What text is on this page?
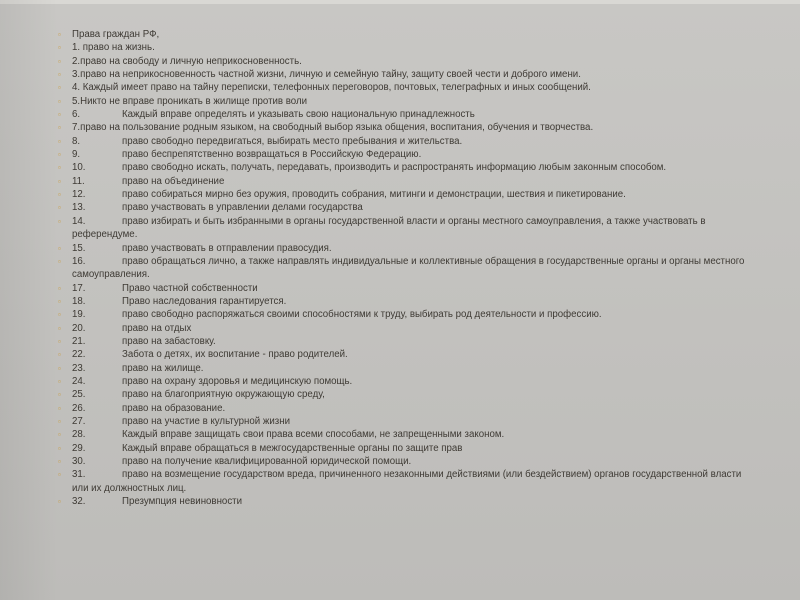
▫ Права граждан РФ,
▫ 1. право на жизнь.
▫ 2.право на свободу и личную неприкосновенность.
▫ 3.право на неприкосновенность частной жизни, личную и семейную тайну, защиту своей чести и доброго имени.
▫ 4. Каждый имеет право на тайну переписки, телефонных переговоров, почтовых, телеграфных и иных сообщений.
▫ 5.Никто не вправе проникать в жилище против воли
▫ 6.	Каждый вправе определять и указывать свою национальную принадлежность
▫ 7.право на пользование родным языком, на свободный выбор языка общения, воспитания, обучения и творчества.
▫ 8.	право свободно передвигаться, выбирать место пребывания и жительства.
▫ 9.	право беспрепятственно возвращаться в Российскую Федерацию.
▫ 10.	право свободно искать, получать, передавать, производить и распространять информацию любым законным способом.
▫ 11.	право на объединение
▫ 12.	право собираться мирно без оружия, проводить собрания, митинги и демонстрации, шествия и пикетирование.
▫ 13.	право участвовать в управлении делами государства
▫ 14.	право избирать и быть избранными в органы государственной власти и органы местного самоуправления, а также участвовать в референдуме.
▫ 15.	право участвовать в отправлении правосудия.
▫ 16.	право обращаться лично, а также направлять индивидуальные и коллективные обращения в государственные органы и органы местного самоуправления.
▫ 17.	Право частной собственности
▫ 18.	Право наследования гарантируется.
▫ 19.	право свободно распоряжаться своими способностями к труду, выбирать род деятельности и профессию.
▫ 20.	право на отдых
▫ 21.	право на забастовку.
▫ 22.	Забота о детях, их воспитание - право родителей.
▫ 23.	право на жилище.
▫ 24.	право на охрану здоровья и медицинскую помощь.
▫ 25.	право на благоприятную окружающую среду,
▫ 26.	право на образование.
▫ 27.	право на участие в культурной жизни
▫ 28.	Каждый вправе защищать свои права всеми способами, не запрещенными законом.
▫ 29.	Каждый вправе обращаться в межгосударственные органы по защите прав
▫ 30.	право на получение квалифицированной юридической помощи.
▫ 31.	право на возмещение государством вреда, причиненного незаконными действиями (или бездействием) органов государственной власти или их должностных лиц.
▫ 32.	Презумпция невиновности
